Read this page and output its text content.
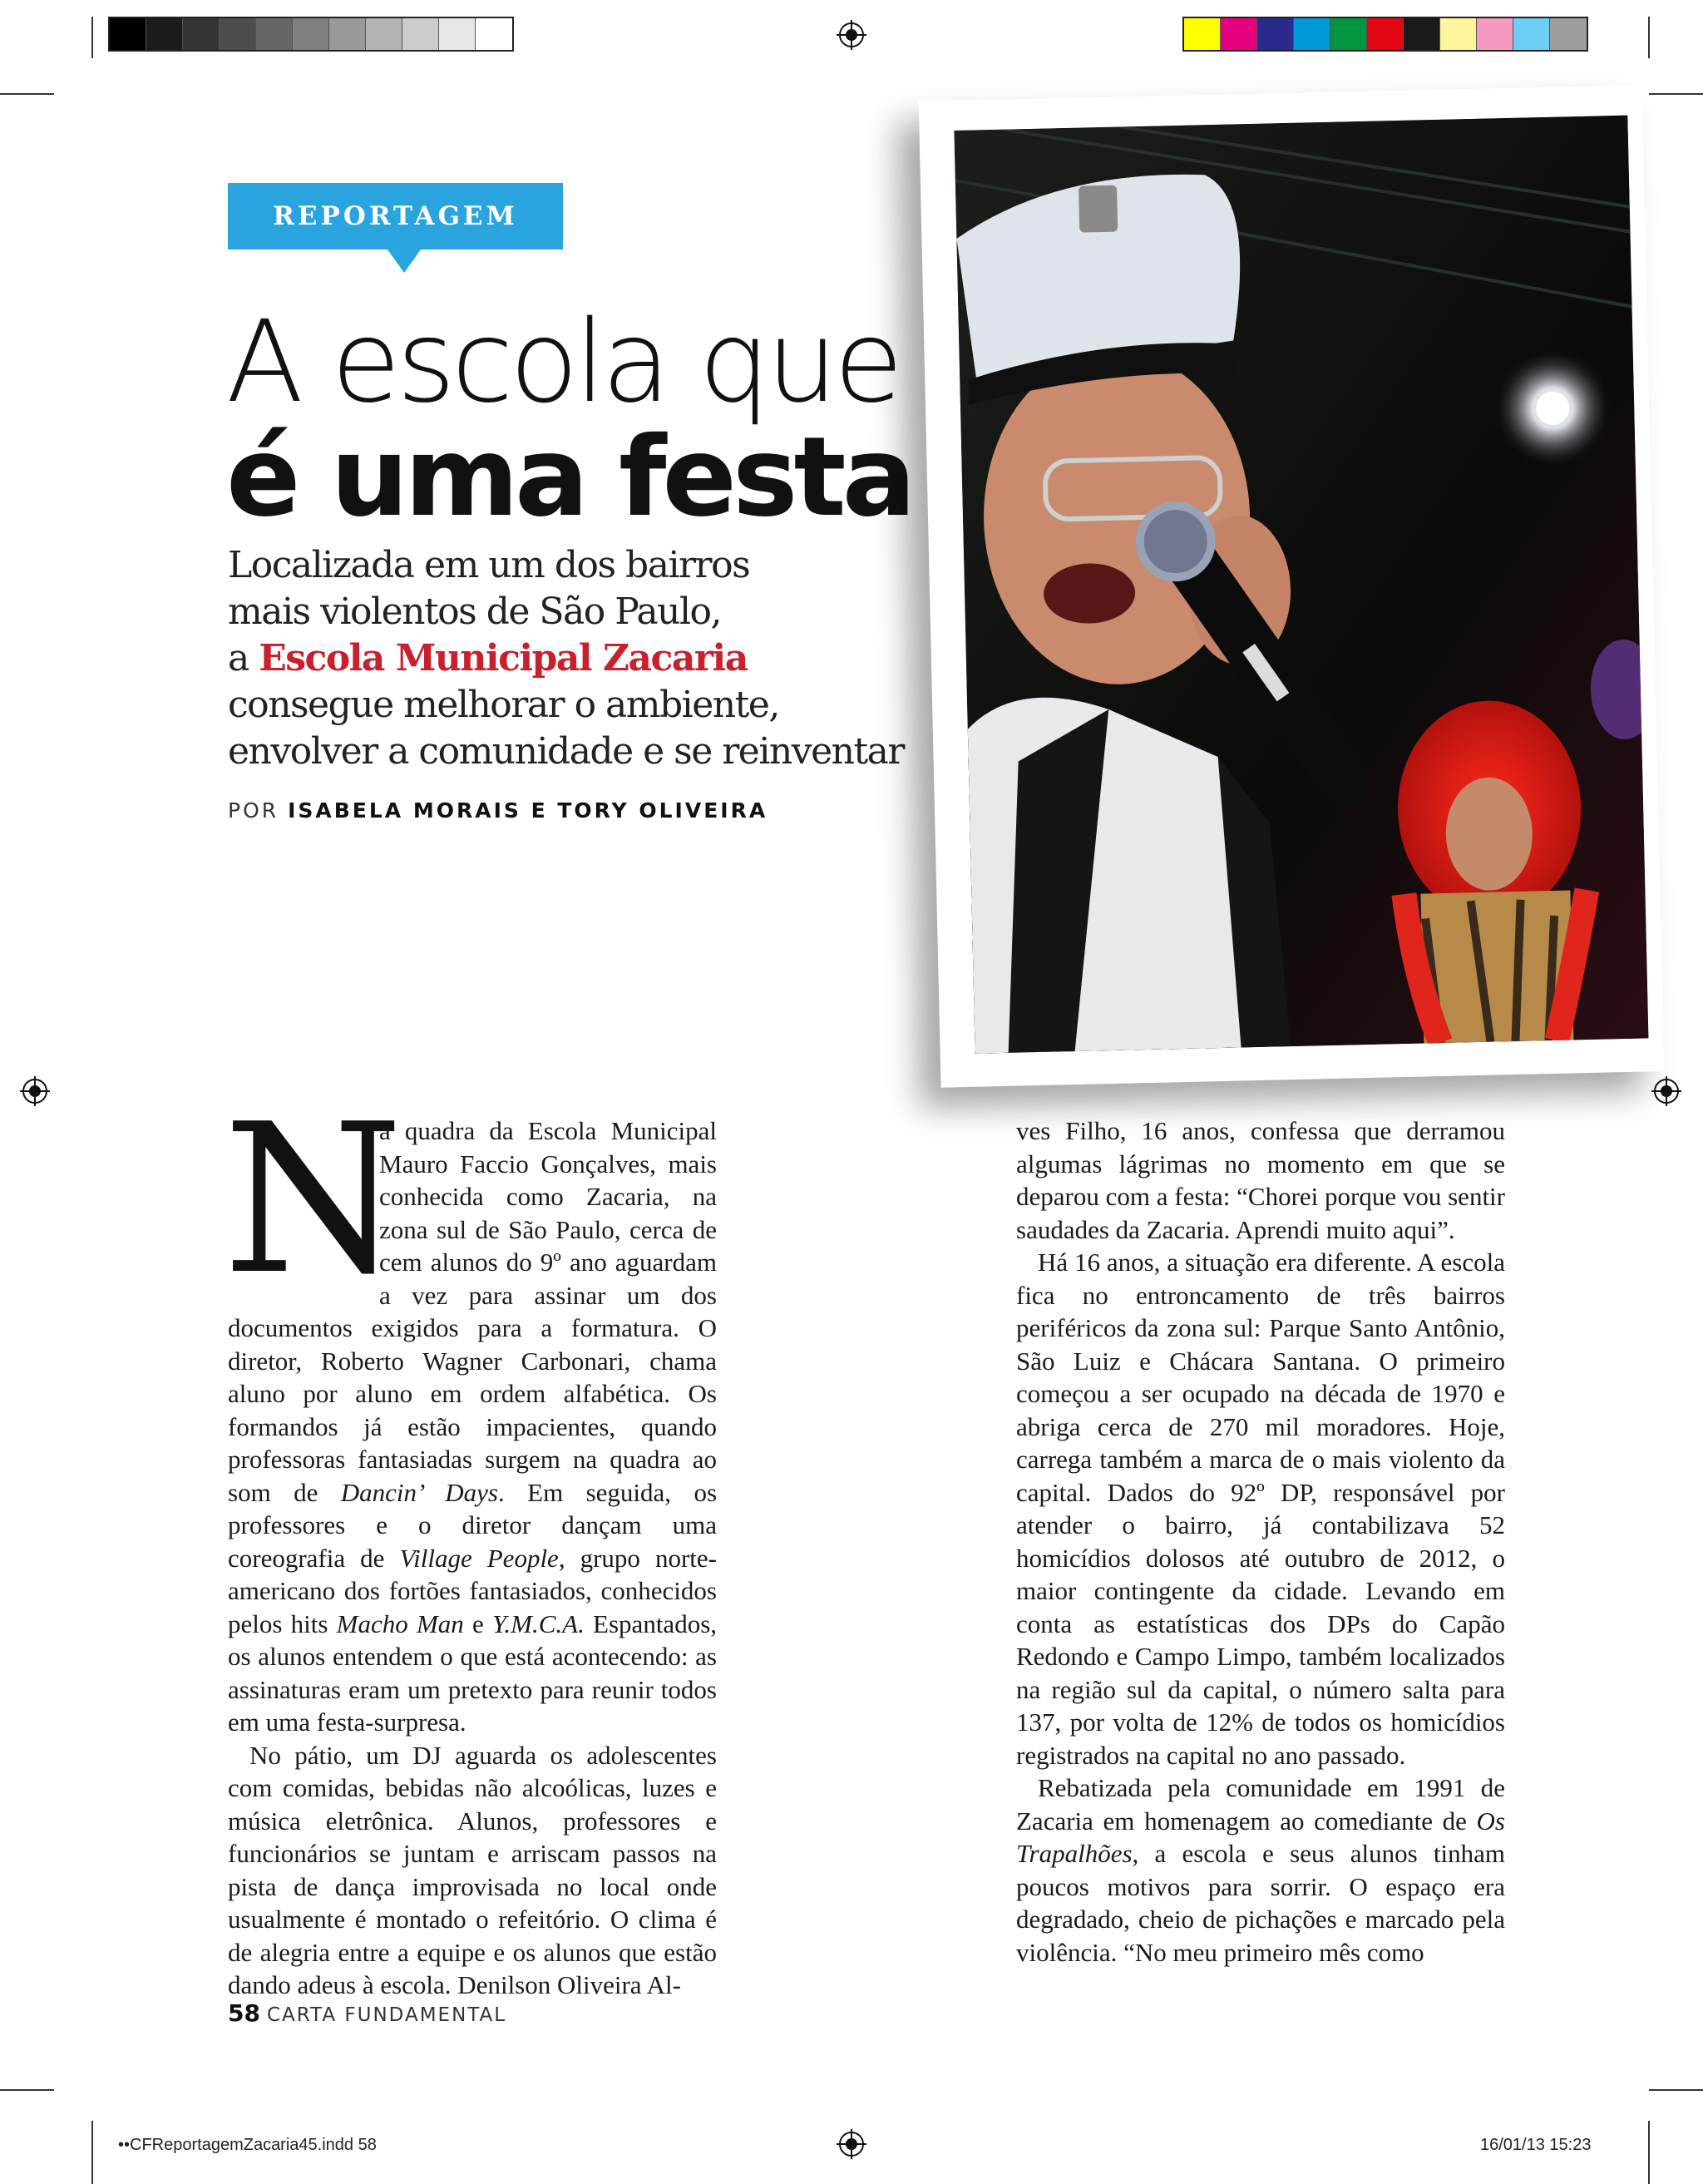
REPORTAGEM
A escola que
é uma festa

Localizada em um dos bairros
mais violentos de São Paulo,
a Escola Municipal Zacaria
consegue melhorar o ambiente,
envolver a comunidade e se reinventar

POR ISABELA MORAIS E TORY OLIVEIRA

N
a quadra da Escola Municipal Mauro Faccio Gonçalves, mais conhecida como Zacaria, na zona sul de São Paulo, cerca de cem alunos do 9º ano aguardam a vez para assinar um dos documentos exigidos para a formatura. O diretor, Roberto Wagner Carbonari, chama aluno por aluno em ordem alfabética. Os formandos já estão impacientes, quando professoras fantasiadas surgem na quadra ao som de Dancin’ Days. Em seguida, os professores e o diretor dançam uma coreografia de Village People, grupo norte-americano dos fortões fantasiados, conhecidos pelos hits Macho Man e Y.M.C.A. Espantados, os alunos entendem o que está acontecendo: as assinaturas eram um pretexto para reunir todos em uma festa-surpresa.

No pátio, um DJ aguarda os adolescentes com comidas, bebidas não alcoólicas, luzes e música eletrônica. Alunos, professores e funcionários se juntam e arriscam passos na pista de dança improvisada no local onde usualmente é montado o refeitório. O clima é de alegria entre a equipe e os alunos que estão dando adeus à escola. Denilson Oliveira Al-

ves Filho, 16 anos, confessa que derramou algumas lágrimas no momento em que se deparou com a festa: “Chorei porque vou sentir saudades da Zacaria. Aprendi muito aqui”.

Há 16 anos, a situação era diferente. A escola fica no entroncamento de três bairros periféricos da zona sul: Parque Santo Antônio, São Luiz e Chácara Santana. O primeiro começou a ser ocupado na década de 1970 e abriga cerca de 270 mil moradores. Hoje, carrega também a marca de o mais violento da capital. Dados do 92º DP, responsável por atender o bairro, já contabilizava 52 homicídios dolosos até outubro de 2012, o maior contingente da cidade. Levando em conta as estatísticas dos DPs do Capão Redondo e Campo Limpo, também localizados na região sul da capital, o número salta para 137, por volta de 12% de todos os homicídios registrados na capital no ano passado.

Rebatizada pela comunidade em 1991 de Zacaria em homenagem ao comediante de Os Trapalhões, a escola e seus alunos tinham poucos motivos para sorrir. O espaço era degradado, cheio de pichações e marcado pela violência. “No meu primeiro mês como

58 CARTA FUNDAMENTAL

••CFReportagemZacaria45.indd 58	16/01/13 15:23
